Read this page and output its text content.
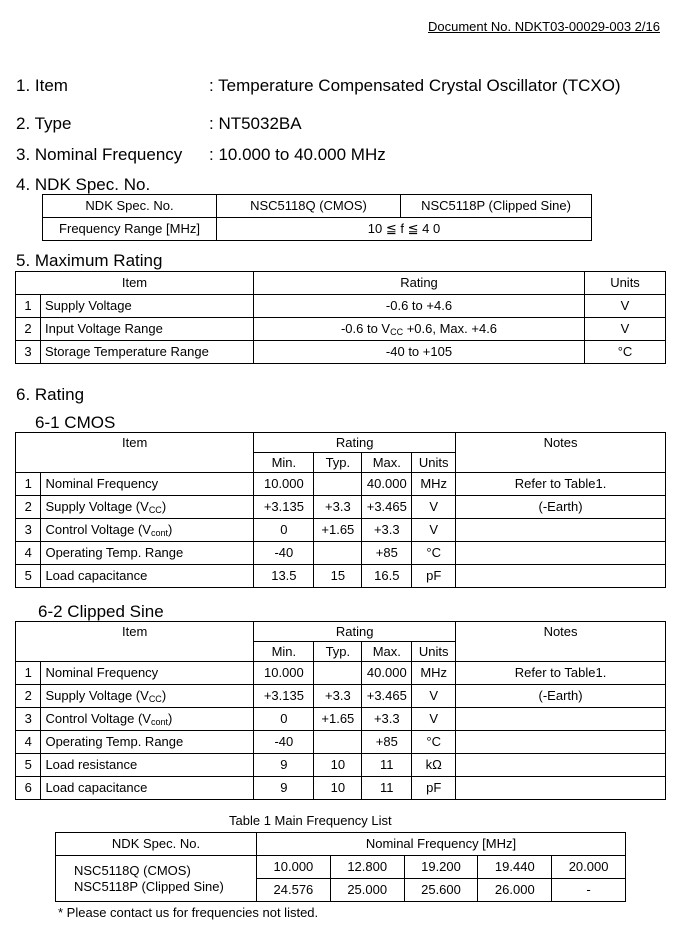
Document No. NDKT03-00029-003 2/16
1. Item	: Temperature Compensated Crystal Oscillator (TCXO)
2. Type	: NT5032BA
3. Nominal Frequency : 10.000 to 40.000 MHz
4. NDK Spec. No.
NDK Spec. No.	NSC5118Q (CMOS)	NSC5118P (Clipped Sine)
Frequency Range [MHz]	10 ≦ f ≦ 4 0	
5. Maximum Rating
Item		Rating	Units
1	Supply Voltage	-0.6 to +4.6	V
2	Input Voltage Range	-0.6 to $V_{CC} +0.6$, Max. +4.6	V
3	Storage Temperature Range	-40 to +105	°C
6. Rating
6-1 CMOS
Item		Rating				Notes
		Min.	Typ.	Max.	Units	
1	Nominal Frequency	10.000		40.000	MHz	Refer to Table1.
2	Supply Voltage $(V_{CC})$	+3.135	+3.3	+3.465	V	(-Earth)
3	Control Voltage $(V_{cont})$	0	+1.65	+3.3	V	
4	Operating Temp. Range	-40		+85	°C	
5	Load capacitance	13.5	15	16.5	pF	
6-2 Clipped Sine
Item		Rating				Notes
		Min.	Typ.	Max.	Units	
1	Nominal Frequency	10.000		40.000	MHz	Refer to Table1.
2	Supply Voltage $(V_{CC})$	+3.135	+3.3	+3.465	V	(-Earth)
3	Control Voltage $(V_{cont})$	0	+1.65	+3.3	V	
4	Operating Temp. Range	-40		+85	°C	
5	Load resistance	9	10	11	kΩ	
6	Load capacitance	9	10	11	pF	
Table 1 Main Frequency List
NDK Spec. No.	Nominal Frequency [MHz]				

NSC5118Q (CMOS)
NSC5118P (Clipped Sine)	10.000	12.800	19.200	19.440	20.000
	24.576	25.000	25.600	26.000	-
* Please contact us for frequencies not listed.
